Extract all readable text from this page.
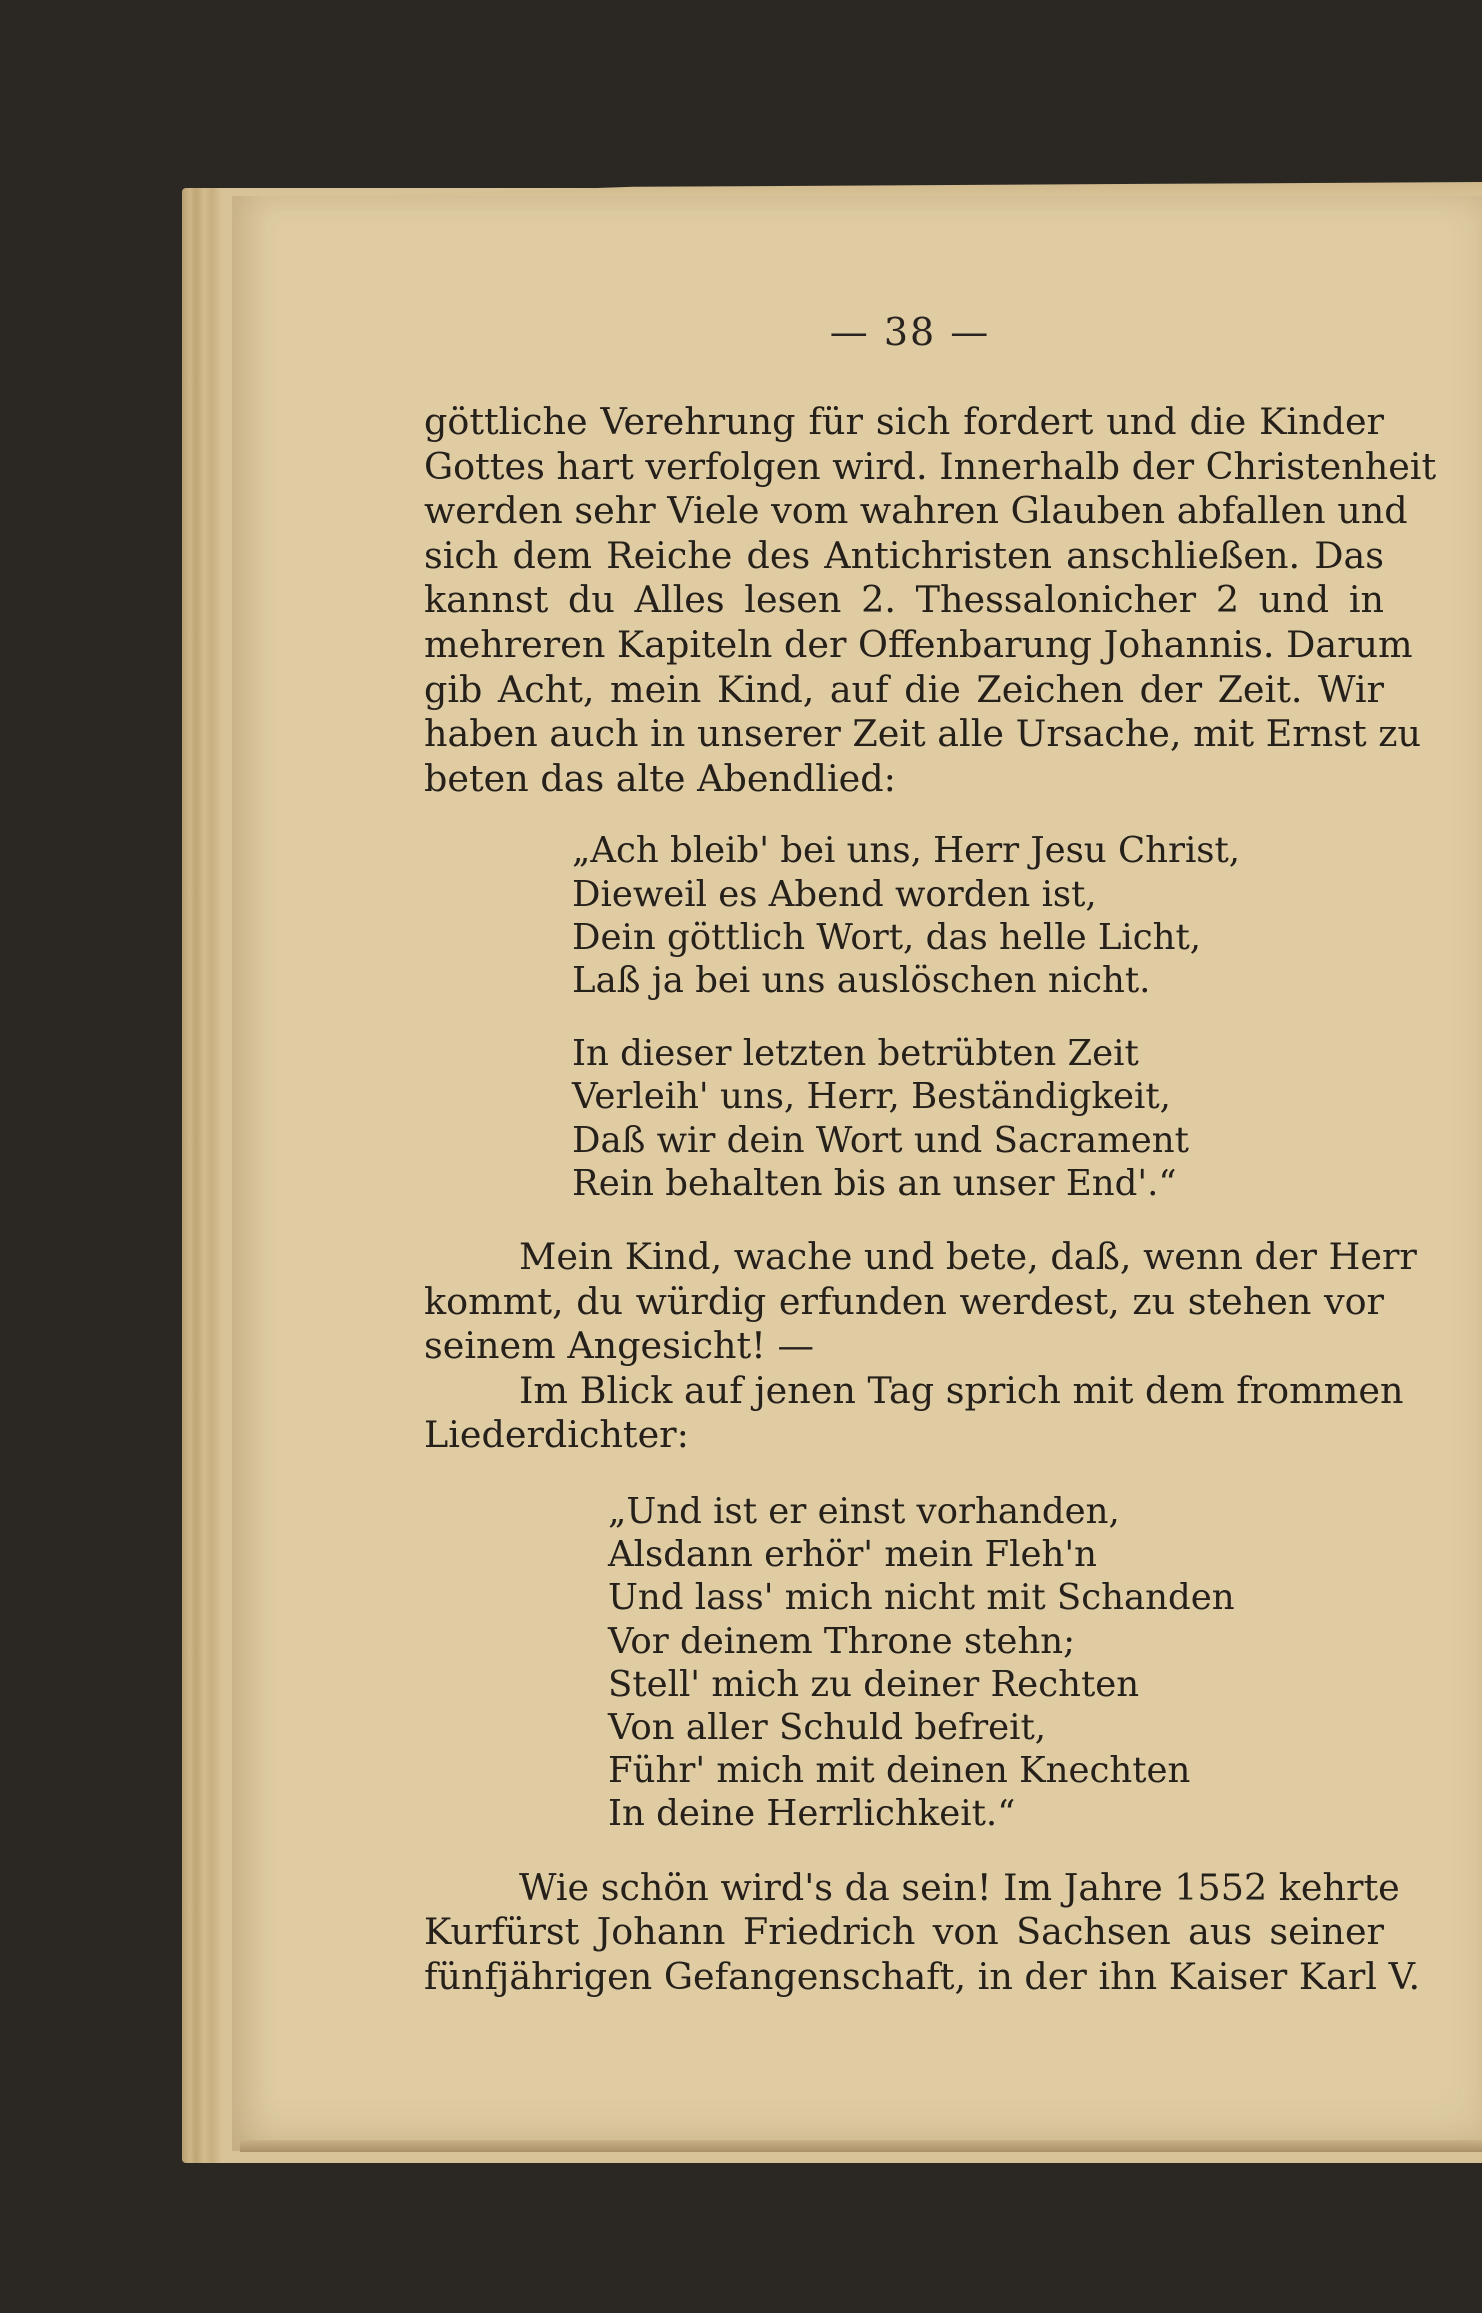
— 38 —

göttliche Verehrung für sich fordert und die Kinder
Gottes hart verfolgen wird. Innerhalb der Christenheit
werden sehr Viele vom wahren Glauben abfallen und
sich dem Reiche des Antichristen anschließen. Das
kannst du Alles lesen 2. Thessalonicher 2 und in
mehreren Kapiteln der Offenbarung Johannis. Darum
gib Acht, mein Kind, auf die Zeichen der Zeit. Wir
haben auch in unserer Zeit alle Ursache, mit Ernst zu
beten das alte Abendlied:

„Ach bleib' bei uns, Herr Jesu Christ,
Dieweil es Abend worden ist,
Dein göttlich Wort, das helle Licht,
Laß ja bei uns auslöschen nicht.
In dieser letzten betrübten Zeit
Verleih' uns, Herr, Beständigkeit,
Daß wir dein Wort und Sacrament
Rein behalten bis an unser End'.“

Mein Kind, wache und bete, daß, wenn der Herr
kommt, du würdig erfunden werdest, zu stehen vor
seinem Angesicht! —

Im Blick auf jenen Tag sprich mit dem frommen
Liederdichter:

„Und ist er einst vorhanden,
Alsdann erhör' mein Fleh'n
Und lass' mich nicht mit Schanden
Vor deinem Throne stehn;
Stell' mich zu deiner Rechten
Von aller Schuld befreit,
Führ' mich mit deinen Knechten
In deine Herrlichkeit.“

Wie schön wird's da sein! Im Jahre 1552 kehrte
Kurfürst Johann Friedrich von Sachsen aus seiner
fünfjährigen Gefangenschaft, in der ihn Kaiser Karl V.
